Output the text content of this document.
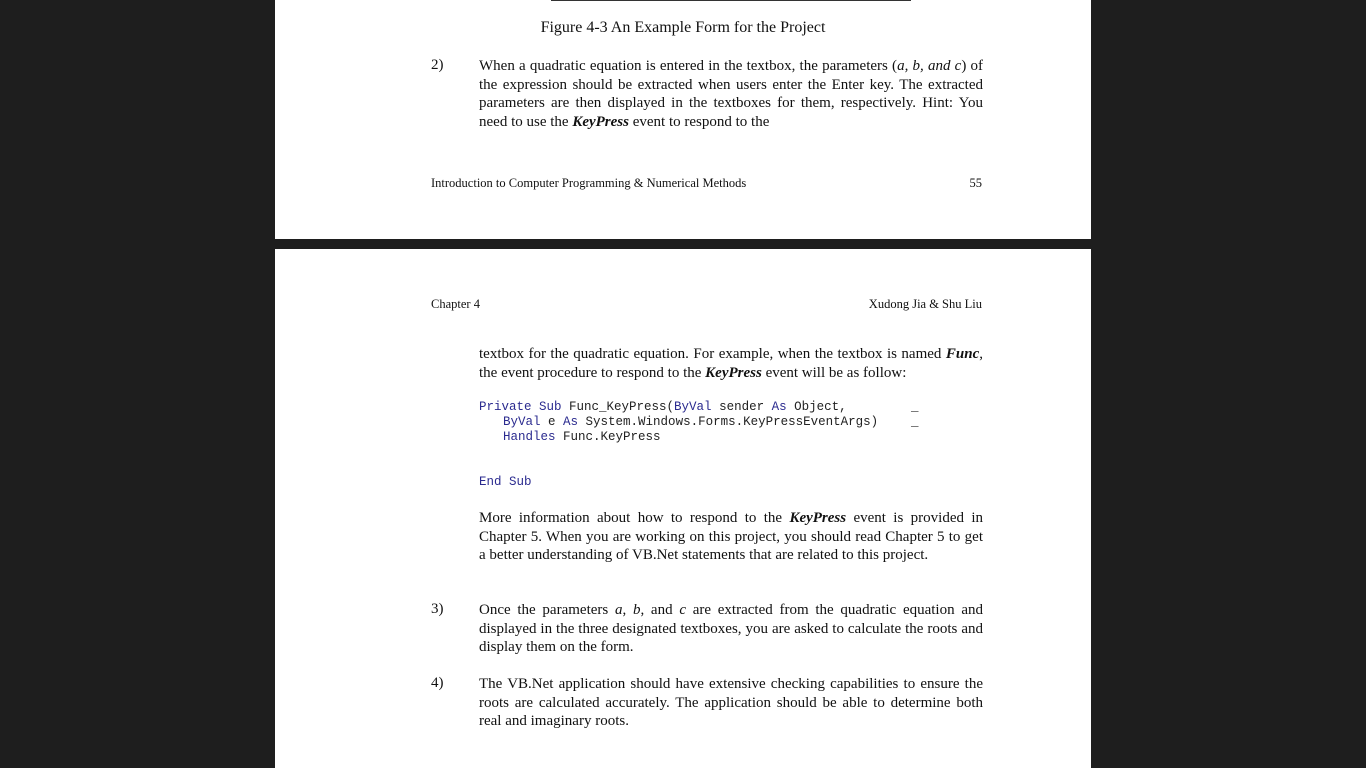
Figure 4-3 An Example Form for the Project
2) When a quadratic equation is entered in the textbox, the parameters (a, b, and c) of the expression should be extracted when users enter the Enter key. The extracted parameters are then displayed in the textboxes for them, respectively. Hint: You need to use the KeyPress event to respond to the
Introduction to Computer Programming & Numerical Methods	55
Chapter 4	Xudong Jia & Shu Liu
textbox for the quadratic equation. For example, when the textbox is named Func, the event procedure to respond to the KeyPress event will be as follow:
Private Sub Func_KeyPress(ByVal sender As Object,	_
ByVal e As System.Windows.Forms.KeyPressEventArgs)	_
Handles Func.KeyPress
End Sub
More information about how to respond to the KeyPress event is provided in Chapter 5. When you are working on this project, you should read Chapter 5 to get a better understanding of VB.Net statements that are related to this project.
3) Once the parameters a, b, and c are extracted from the quadratic equation and displayed in the three designated textboxes, you are asked to calculate the roots and display them on the form.
4) The VB.Net application should have extensive checking capabilities to ensure the roots are calculated accurately. The application should be able to determine both real and imaginary roots.
